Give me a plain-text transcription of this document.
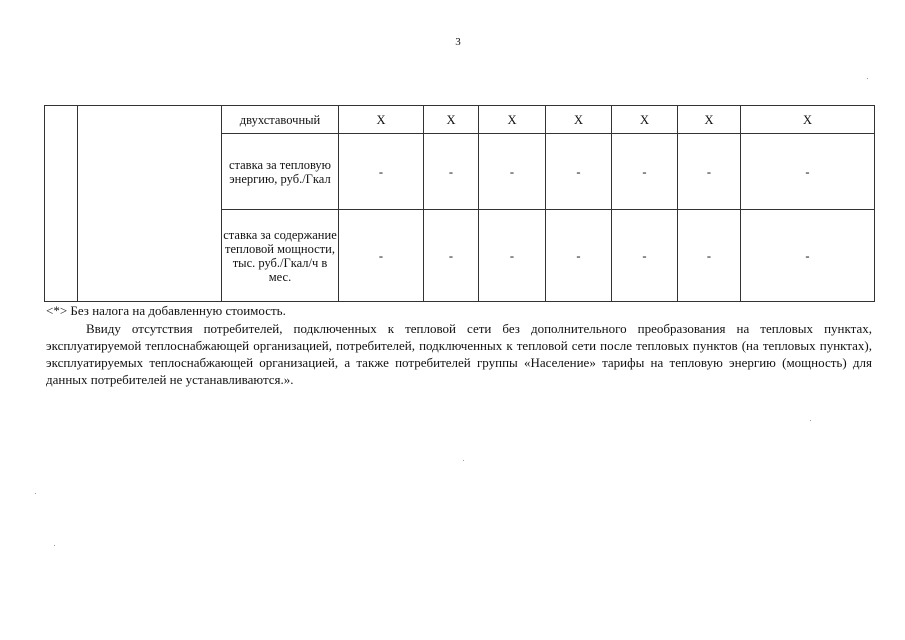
3
		двухставочный	X	X	X	X	X	X	X
		ставка за тепловую энергию, руб./Гкал	-	-	-	-	-	-	-
		ставка за содержание тепловой мощности, тыс. руб./Гкал/ч в мес.	-	-	-	-	-	-	-
<*> Без налога на добавленную стоимость.
Ввиду отсутствия потребителей, подключенных к тепловой сети без дополнительного преобразования на тепловых пунктах, эксплуатируемой теплоснабжающей организацией, потребителей, подключенных к тепловой сети после тепловых пунктов (на тепловых пунктах), эксплуатируемых теплоснабжающей организацией, а также потребителей группы «Население» тарифы на тепловую энергию (мощность) для данных потребителей не устанавливаются.».
